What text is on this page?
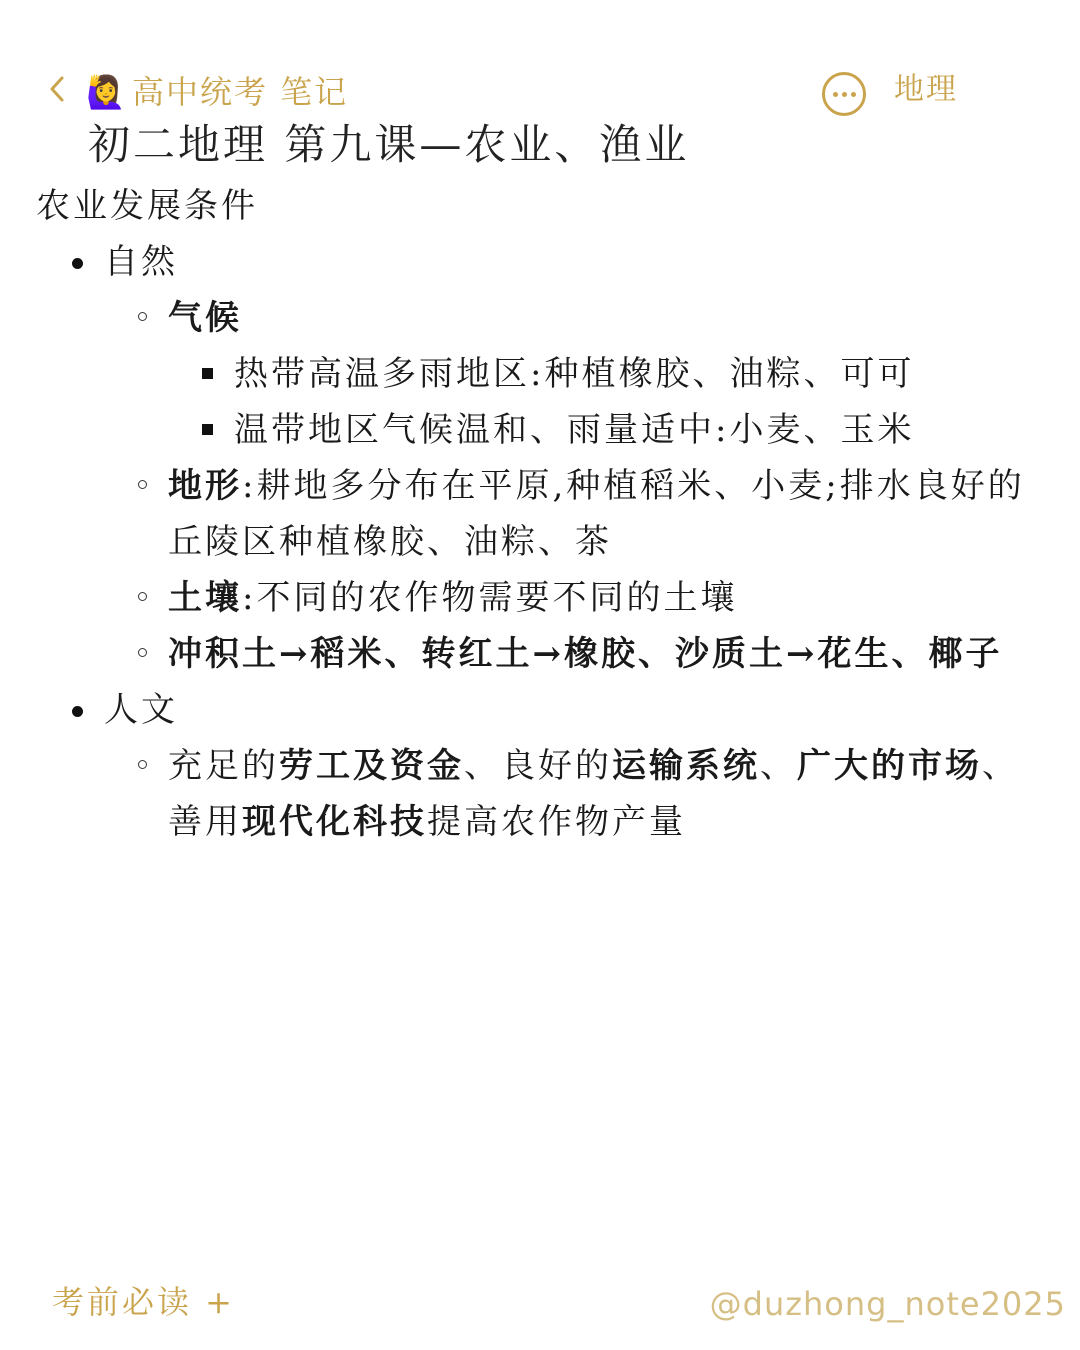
🙋‍♀️ 高中统考 笔记	地理
初二地理 第九课—农业、渔业
农业发展条件
自然
气候
热带高温多雨地区:种植橡胶、油粽、可可
温带地区气候温和、雨量适中:小麦、玉米
地形:耕地多分布在平原,种植稻米、小麦;排水良好的丘陵区种植橡胶、油粽、茶
土壤:不同的农作物需要不同的土壤
冲积土→稻米、转红土→橡胶、沙质土→花生、椰子
人文
充足的劳工及资金、良好的运输系统、广大的市场、善用现代化科技提高农作物产量
考前必读 +	@duzhong_note2025
